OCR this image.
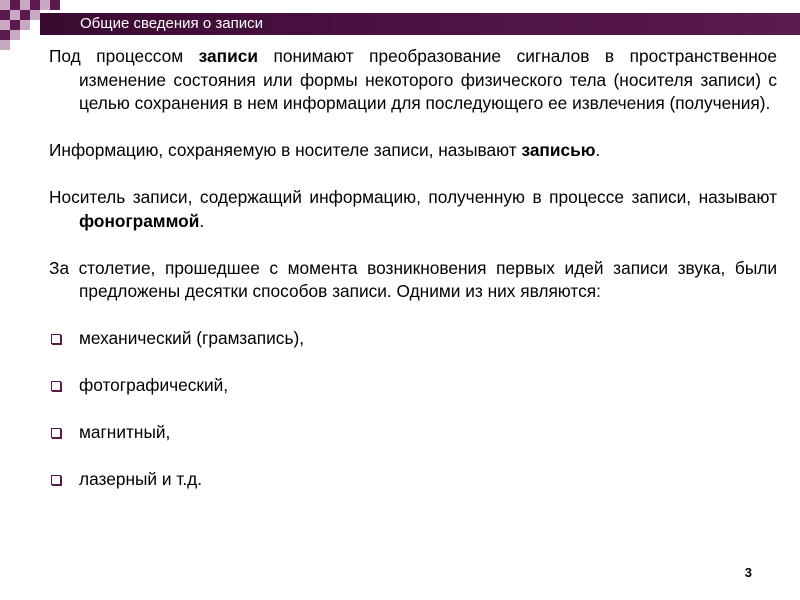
Общие сведения о записи

Под процессом записи понимают преобразование сигналов в пространственное изменение состояния или формы некоторого физического тела (носителя записи) с целью сохранения в нем информации для последующего ее извлечения (получения).

Информацию, сохраняемую в носителе записи, называют записью.

Носитель записи, содержащий информацию, полученную в процессе записи, называют фонограммой.

За столетие, прошедшее с момента возникновения первых идей записи звука, были предложены десятки способов записи. Одними из них являются:

механический (грамзапись),
фотографический,
магнитный,
лазерный и т.д.
3
